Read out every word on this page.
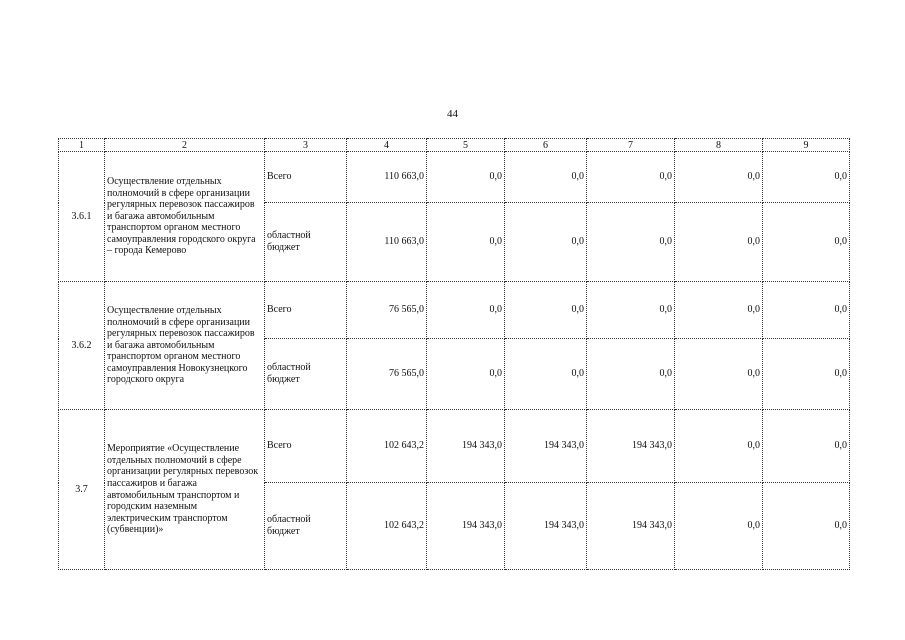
44
1	2	3	4	5	6	7	8	9
3.6.1	Осуществление отдельных полномочий в сфере организации регулярных перевозок пассажиров и багажа автомобильным транспортом органом местного самоуправления городского округа – города Кемерово	Всего	110 663,0	0,0	0,0	0,0	0,0	0,0
		областной бюджет	110 663,0	0,0	0,0	0,0	0,0	0,0
3.6.2	Осуществление отдельных полномочий в сфере организации регулярных перевозок пассажиров и багажа автомобильным транспортом органом местного самоуправления Новокузнецкого городского округа	Всего	76 565,0	0,0	0,0	0,0	0,0	0,0
		областной бюджет	76 565,0	0,0	0,0	0,0	0,0	0,0
3.7	Мероприятие «Осуществление отдельных полномочий в сфере организации регулярных перевозок пассажиров и багажа автомобильным транспортом и городским наземным электрическим транспортом (субвенции)»	Всего	102 643,2	194 343,0	194 343,0	194 343,0	0,0	0,0
		областной бюджет	102 643,2	194 343,0	194 343,0	194 343,0	0,0	0,0
